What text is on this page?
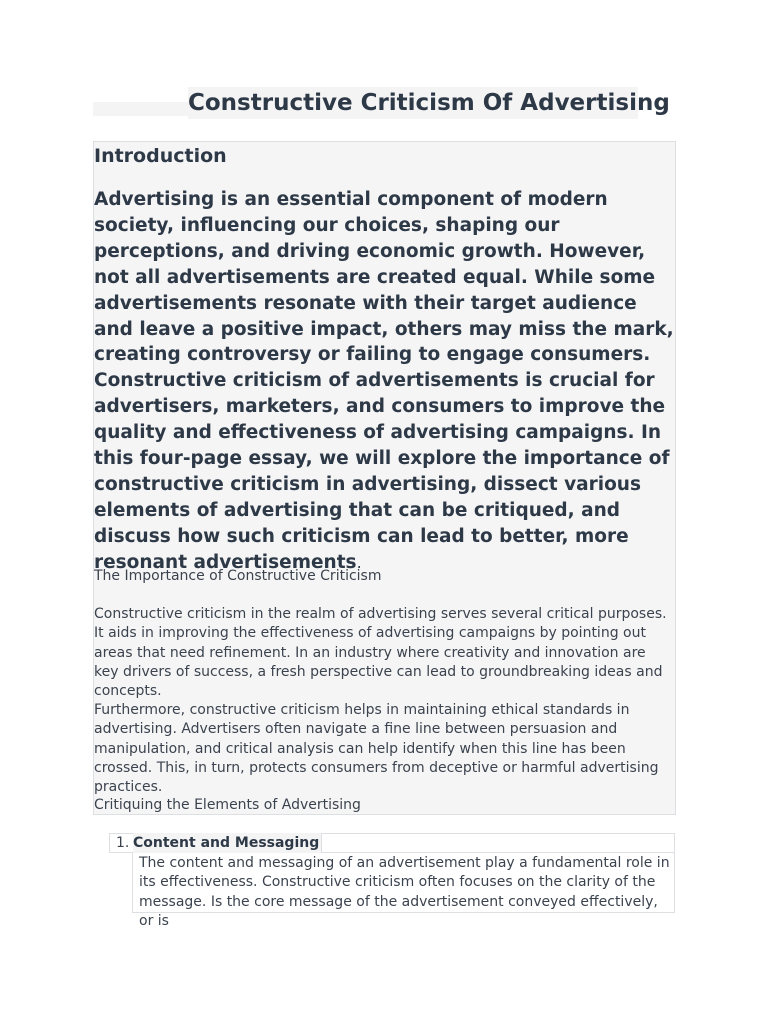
Constructive Criticism Of Advertising
Introduction

Advertising is an essential component of modern society, influencing our choices, shaping our perceptions, and driving economic growth. However, not all advertisements are created equal. While some advertisements resonate with their target audience and leave a positive impact, others may miss the mark, creating controversy or failing to engage consumers. Constructive criticism of advertisements is crucial for advertisers, marketers, and consumers to improve the quality and effectiveness of advertising campaigns. In this four-page essay, we will explore the importance of constructive criticism in advertising, dissect various elements of advertising that can be critiqued, and discuss how such criticism can lead to better, more resonant advertisements.

The Importance of Constructive Criticism

Constructive criticism in the realm of advertising serves several critical purposes. It aids in improving the effectiveness of advertising campaigns by pointing out areas that need refinement. In an industry where creativity and innovation are key drivers of success, a fresh perspective can lead to groundbreaking ideas and concepts.

Furthermore, constructive criticism helps in maintaining ethical standards in advertising. Advertisers often navigate a fine line between persuasion and manipulation, and critical analysis can help identify when this line has been crossed. This, in turn, protects consumers from deceptive or harmful advertising practices.

Critiquing the Elements of Advertising
1. Content and Messaging

The content and messaging of an advertisement play a fundamental role in its effectiveness. Constructive criticism often focuses on the clarity of the message. Is the core message of the advertisement conveyed effectively, or is
